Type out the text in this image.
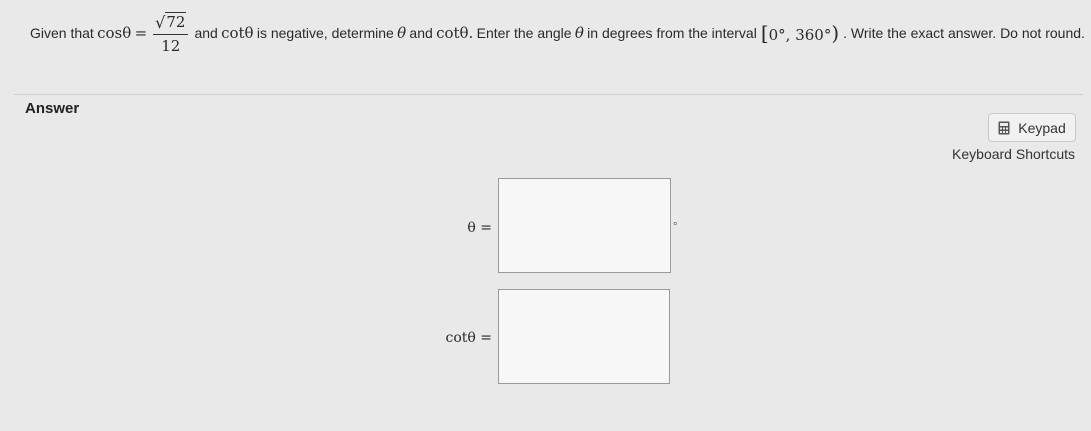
Given that $\cos\theta = \frac{√ 72}{12}$ and cotθ is negative, determine θ and cotθ. Enter the angle θ in degrees from the interval [0°, 360°) . Write the exact answer. Do not round.
Answer
Keypad
Keyboard Shortcuts
θ =	°
cotθ =
